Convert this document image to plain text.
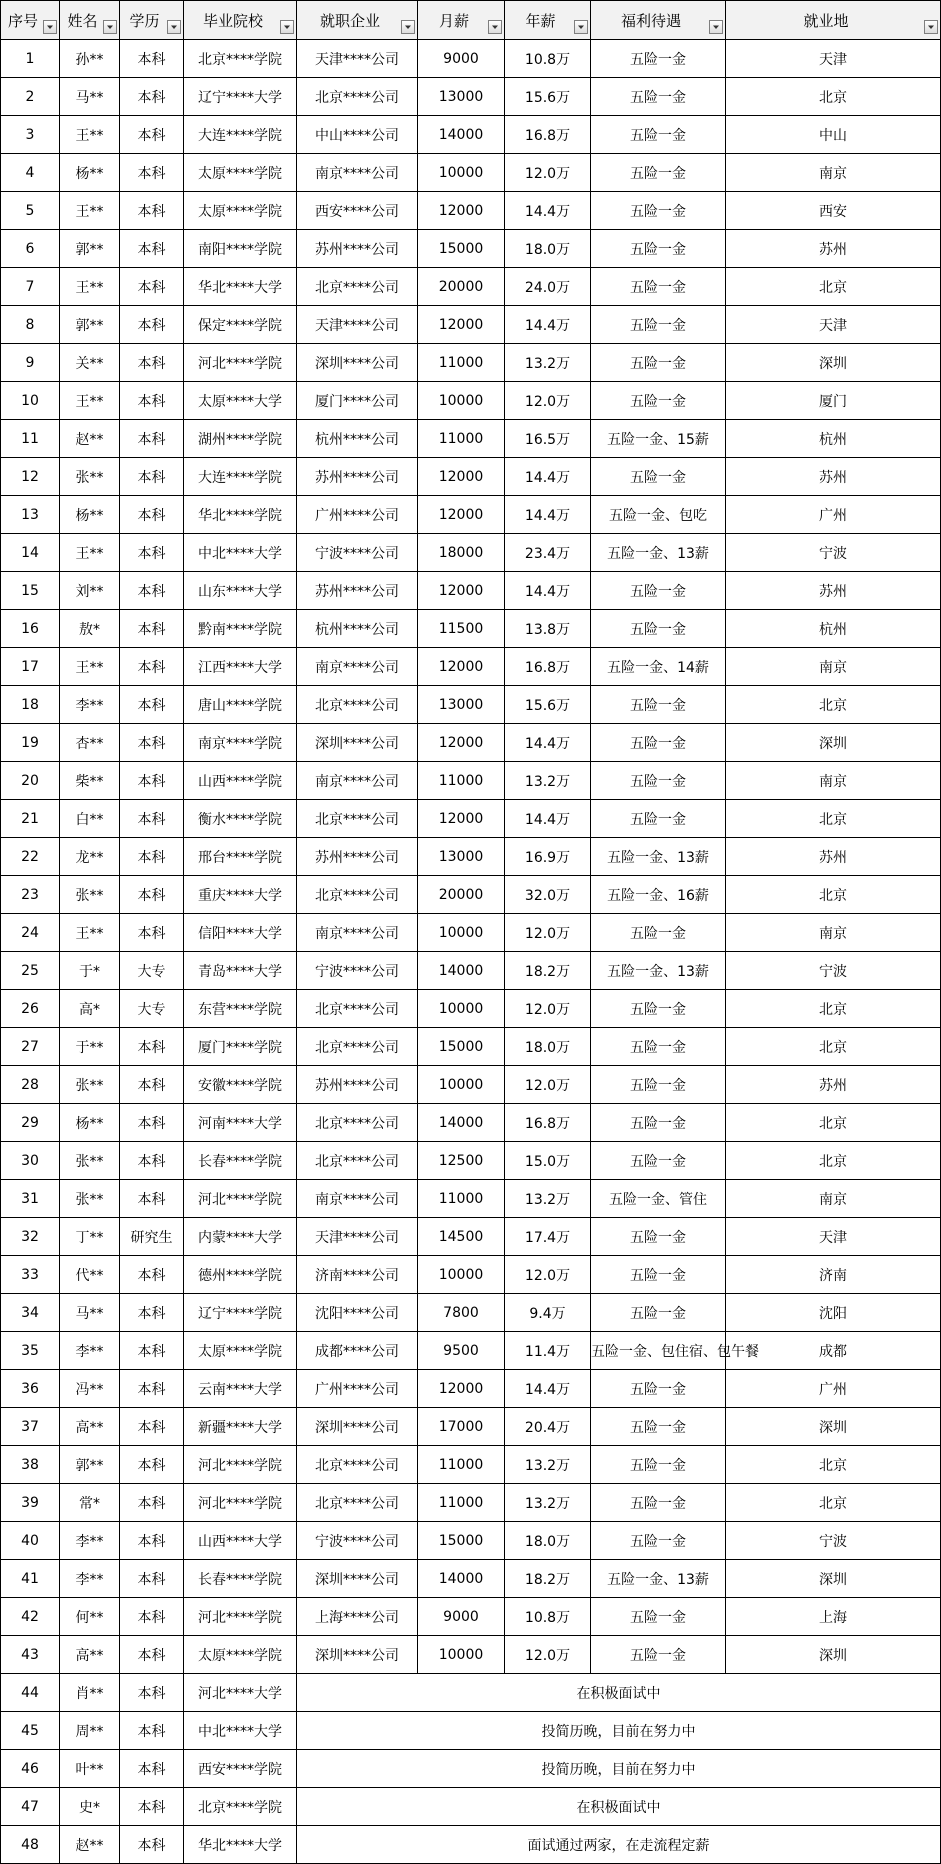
序号	姓名	学历	毕业院校	就职企业	月薪	年薪	福利待遇	就业地

1	孙**	本科	北京****学院	天津****公司	9000	10.8万	五险一金	天津
2	马**	本科	辽宁****大学	北京****公司	13000	15.6万	五险一金	北京
3	王**	本科	大连****学院	中山****公司	14000	16.8万	五险一金	中山
4	杨**	本科	太原****学院	南京****公司	10000	12.0万	五险一金	南京
5	王**	本科	太原****学院	西安****公司	12000	14.4万	五险一金	西安
6	郭**	本科	南阳****学院	苏州****公司	15000	18.0万	五险一金	苏州
7	王**	本科	华北****大学	北京****公司	20000	24.0万	五险一金	北京
8	郭**	本科	保定****学院	天津****公司	12000	14.4万	五险一金	天津
9	关**	本科	河北****学院	深圳****公司	11000	13.2万	五险一金	深圳
10	王**	本科	太原****大学	厦门****公司	10000	12.0万	五险一金	厦门
11	赵**	本科	湖州****学院	杭州****公司	11000	16.5万	五险一金、15薪	杭州
12	张**	本科	大连****学院	苏州****公司	12000	14.4万	五险一金	苏州
13	杨**	本科	华北****学院	广州****公司	12000	14.4万	五险一金、包吃	广州
14	王**	本科	中北****大学	宁波****公司	18000	23.4万	五险一金、13薪	宁波
15	刘**	本科	山东****大学	苏州****公司	12000	14.4万	五险一金	苏州
16	敖*	本科	黔南****学院	杭州****公司	11500	13.8万	五险一金	杭州
17	王**	本科	江西****大学	南京****公司	12000	16.8万	五险一金、14薪	南京
18	李**	本科	唐山****学院	北京****公司	13000	15.6万	五险一金	北京
19	杏**	本科	南京****学院	深圳****公司	12000	14.4万	五险一金	深圳
20	柴**	本科	山西****学院	南京****公司	11000	13.2万	五险一金	南京
21	白**	本科	衡水****学院	北京****公司	12000	14.4万	五险一金	北京
22	龙**	本科	邢台****学院	苏州****公司	13000	16.9万	五险一金、13薪	苏州
23	张**	本科	重庆****大学	北京****公司	20000	32.0万	五险一金、16薪	北京
24	王**	本科	信阳****大学	南京****公司	10000	12.0万	五险一金	南京
25	于*	大专	青岛****大学	宁波****公司	14000	18.2万	五险一金、13薪	宁波
26	高*	大专	东营****学院	北京****公司	10000	12.0万	五险一金	北京
27	于**	本科	厦门****学院	北京****公司	15000	18.0万	五险一金	北京
28	张**	本科	安徽****学院	苏州****公司	10000	12.0万	五险一金	苏州
29	杨**	本科	河南****大学	北京****公司	14000	16.8万	五险一金	北京
30	张**	本科	长春****学院	北京****公司	12500	15.0万	五险一金	北京
31	张**	本科	河北****学院	南京****公司	11000	13.2万	五险一金、管住	南京
32	丁**	研究生	内蒙****大学	天津****公司	14500	17.4万	五险一金	天津
33	代**	本科	德州****学院	济南****公司	10000	12.0万	五险一金	济南
34	马**	本科	辽宁****学院	沈阳****公司	7800	9.4万	五险一金	沈阳
35	李**	本科	太原****学院	成都****公司	9500	11.4万	五险一金、包住宿、包午餐	成都
36	冯**	本科	云南****大学	广州****公司	12000	14.4万	五险一金	广州
37	高**	本科	新疆****大学	深圳****公司	17000	20.4万	五险一金	深圳
38	郭**	本科	河北****学院	北京****公司	11000	13.2万	五险一金	北京
39	常*	本科	河北****学院	北京****公司	11000	13.2万	五险一金	北京
40	李**	本科	山西****大学	宁波****公司	15000	18.0万	五险一金	宁波
41	李**	本科	长春****学院	深圳****公司	14000	18.2万	五险一金、13薪	深圳
42	何**	本科	河北****学院	上海****公司	9000	10.8万	五险一金	上海
43	高**	本科	太原****学院	深圳****公司	10000	12.0万	五险一金	深圳
44	肖**	本科	河北****大学	在积极面试中				
45	周**	本科	中北****大学	投简历晚，目前在努力中				
46	叶**	本科	西安****学院	投简历晚，目前在努力中				
47	史*	本科	北京****学院	在积极面试中				
48	赵**	本科	华北****大学	面试通过两家，在走流程定薪				
